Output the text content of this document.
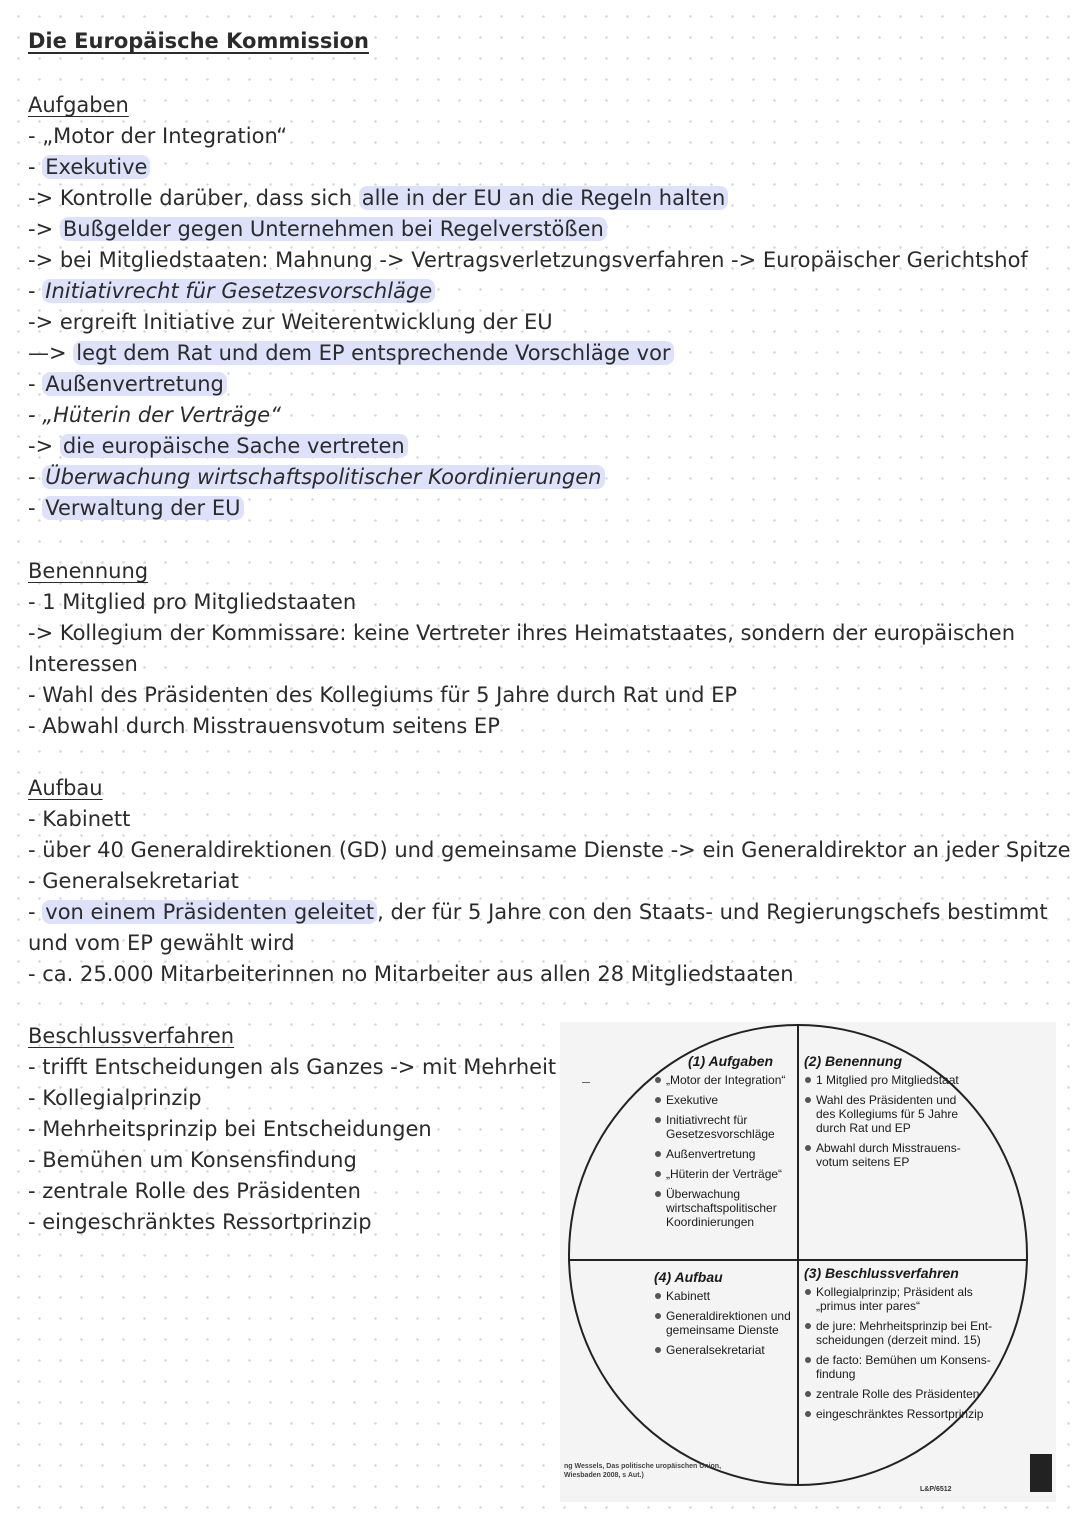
Die Europäische Kommission
Aufgaben
- „Motor der Integration“
- Exekutive
-> Kontrolle darüber, dass sich alle in der EU an die Regeln halten
-> Bußgelder gegen Unternehmen bei Regelverstößen
-> bei Mitgliedstaaten: Mahnung -> Vertragsverletzungsverfahren -> Europäischer Gerichtshof
- Initiativrecht für Gesetzesvorschläge
-> ergreift Initiative zur Weiterentwicklung der EU
—> legt dem Rat und dem EP entsprechende Vorschläge vor
- Außenvertretung
- „Hüterin der Verträge“
-> die europäische Sache vertreten
- Überwachung wirtschaftspolitischer Koordinierungen
- Verwaltung der EU
Benennung
- 1 Mitglied pro Mitgliedstaaten
-> Kollegium der Kommissare: keine Vertreter ihres Heimatstaates, sondern der europäischen
Interessen
- Wahl des Präsidenten des Kollegiums für 5 Jahre durch Rat und EP
- Abwahl durch Misstrauensvotum seitens EP
Aufbau
- Kabinett
- über 40 Generaldirektionen (GD) und gemeinsame Dienste -> ein Generaldirektor an jeder Spitze
- Generalsekretariat
- von einem Präsidenten geleitet , der für 5 Jahre con den Staats- und Regierungschefs bestimmt
und vom EP gewählt wird
- ca. 25.000 Mitarbeiterinnen no Mitarbeiter aus allen 28 Mitgliedstaaten
Beschlussverfahren
- trifft Entscheidungen als Ganzes -> mit Mehrheit
- Kollegialprinzip
- Mehrheitsprinzip bei Entscheidungen
- Bemühen um Konsensfindung
- zentrale Rolle des Präsidenten
- eingeschränktes Ressortprinzip
(1) Aufgaben
„Motor der Integration“
Exekutive
Initiativrecht für Gesetzesvorschläge
Außenvertretung
„Hüterin der Verträge“
Überwachung wirtschaftspolitischer Koordinierungen
(2) Benennung
1 Mitglied pro Mitgliedstaat
Wahl des Präsidenten und des Kollegiums für 5 Jahre durch Rat und EP
Abwahl durch Misstrauens-votum seitens EP
(4) Aufbau
Kabinett
Generaldirektionen und gemeinsame Dienste
Generalsekretariat
(3) Beschlussverfahren
Kollegialprinzip; Präsident als „primus inter pares“
de jure: Mehrheitsprinzip bei Ent-scheidungen (derzeit mind. 15)
de facto: Bemühen um Konsens-findung
zentrale Rolle des Präsidenten
eingeschränktes Ressortprinzip
ng Wessels, Das politische uropäischen Union, Wiesbaden 2008, s Aut.)
L&P/6512
